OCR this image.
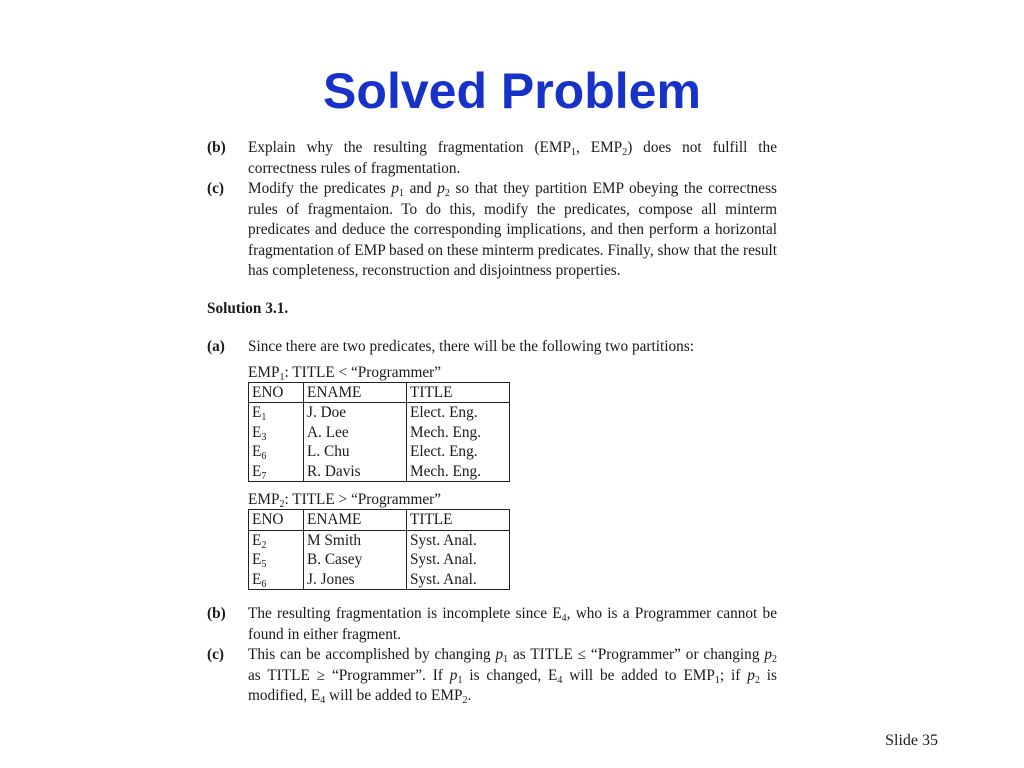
Solved Problem
(b)	Explain why the resulting fragmentation ($EMP_1$, $EMP_2$) does not fulfill the correctness rules of fragmentation.
(c)	Modify the predicates $p_1$ and $p_2$ so that they partition EMP obeying the correctness rules of fragmentaion. To do this, modify the predicates, compose all minterm predicates and deduce the corresponding implications, and then perform a horizontal fragmentation of EMP based on these minterm predicates. Finally, show that the result has completeness, reconstruction and disjointness properties.
Solution 3.1.
(a)	Since there are two predicates, there will be the following two partitions:
$EMP_1$: TITLE < “Programmer”
ENO	ENAME	TITLE
$E_1$	J. Doe	Elect. Eng.
$E_3$	A. Lee	Mech. Eng.
$E_6$	L. Chu	Elect. Eng.
$E_7$	R. Davis	Mech. Eng.
$EMP_2$: TITLE > “Programmer”
ENO	ENAME	TITLE
$E_2$	M Smith	Syst. Anal.
$E_5$	B. Casey	Syst. Anal.
$E_6$	J. Jones	Syst. Anal.
(b)	The resulting fragmentation is incomplete since $E_4$, who is a Programmer cannot be found in either fragment.
(c)	This can be accomplished by changing $p_1$ as TITLE ≤ “Programmer” or changing $p_2$ as TITLE ≥ “Programmer”. If $p_1$ is changed, $E_4$ will be added to $EMP_1$; if $p_2$ is modified, $E_4$ will be added to $EMP_2$.
Slide 35
